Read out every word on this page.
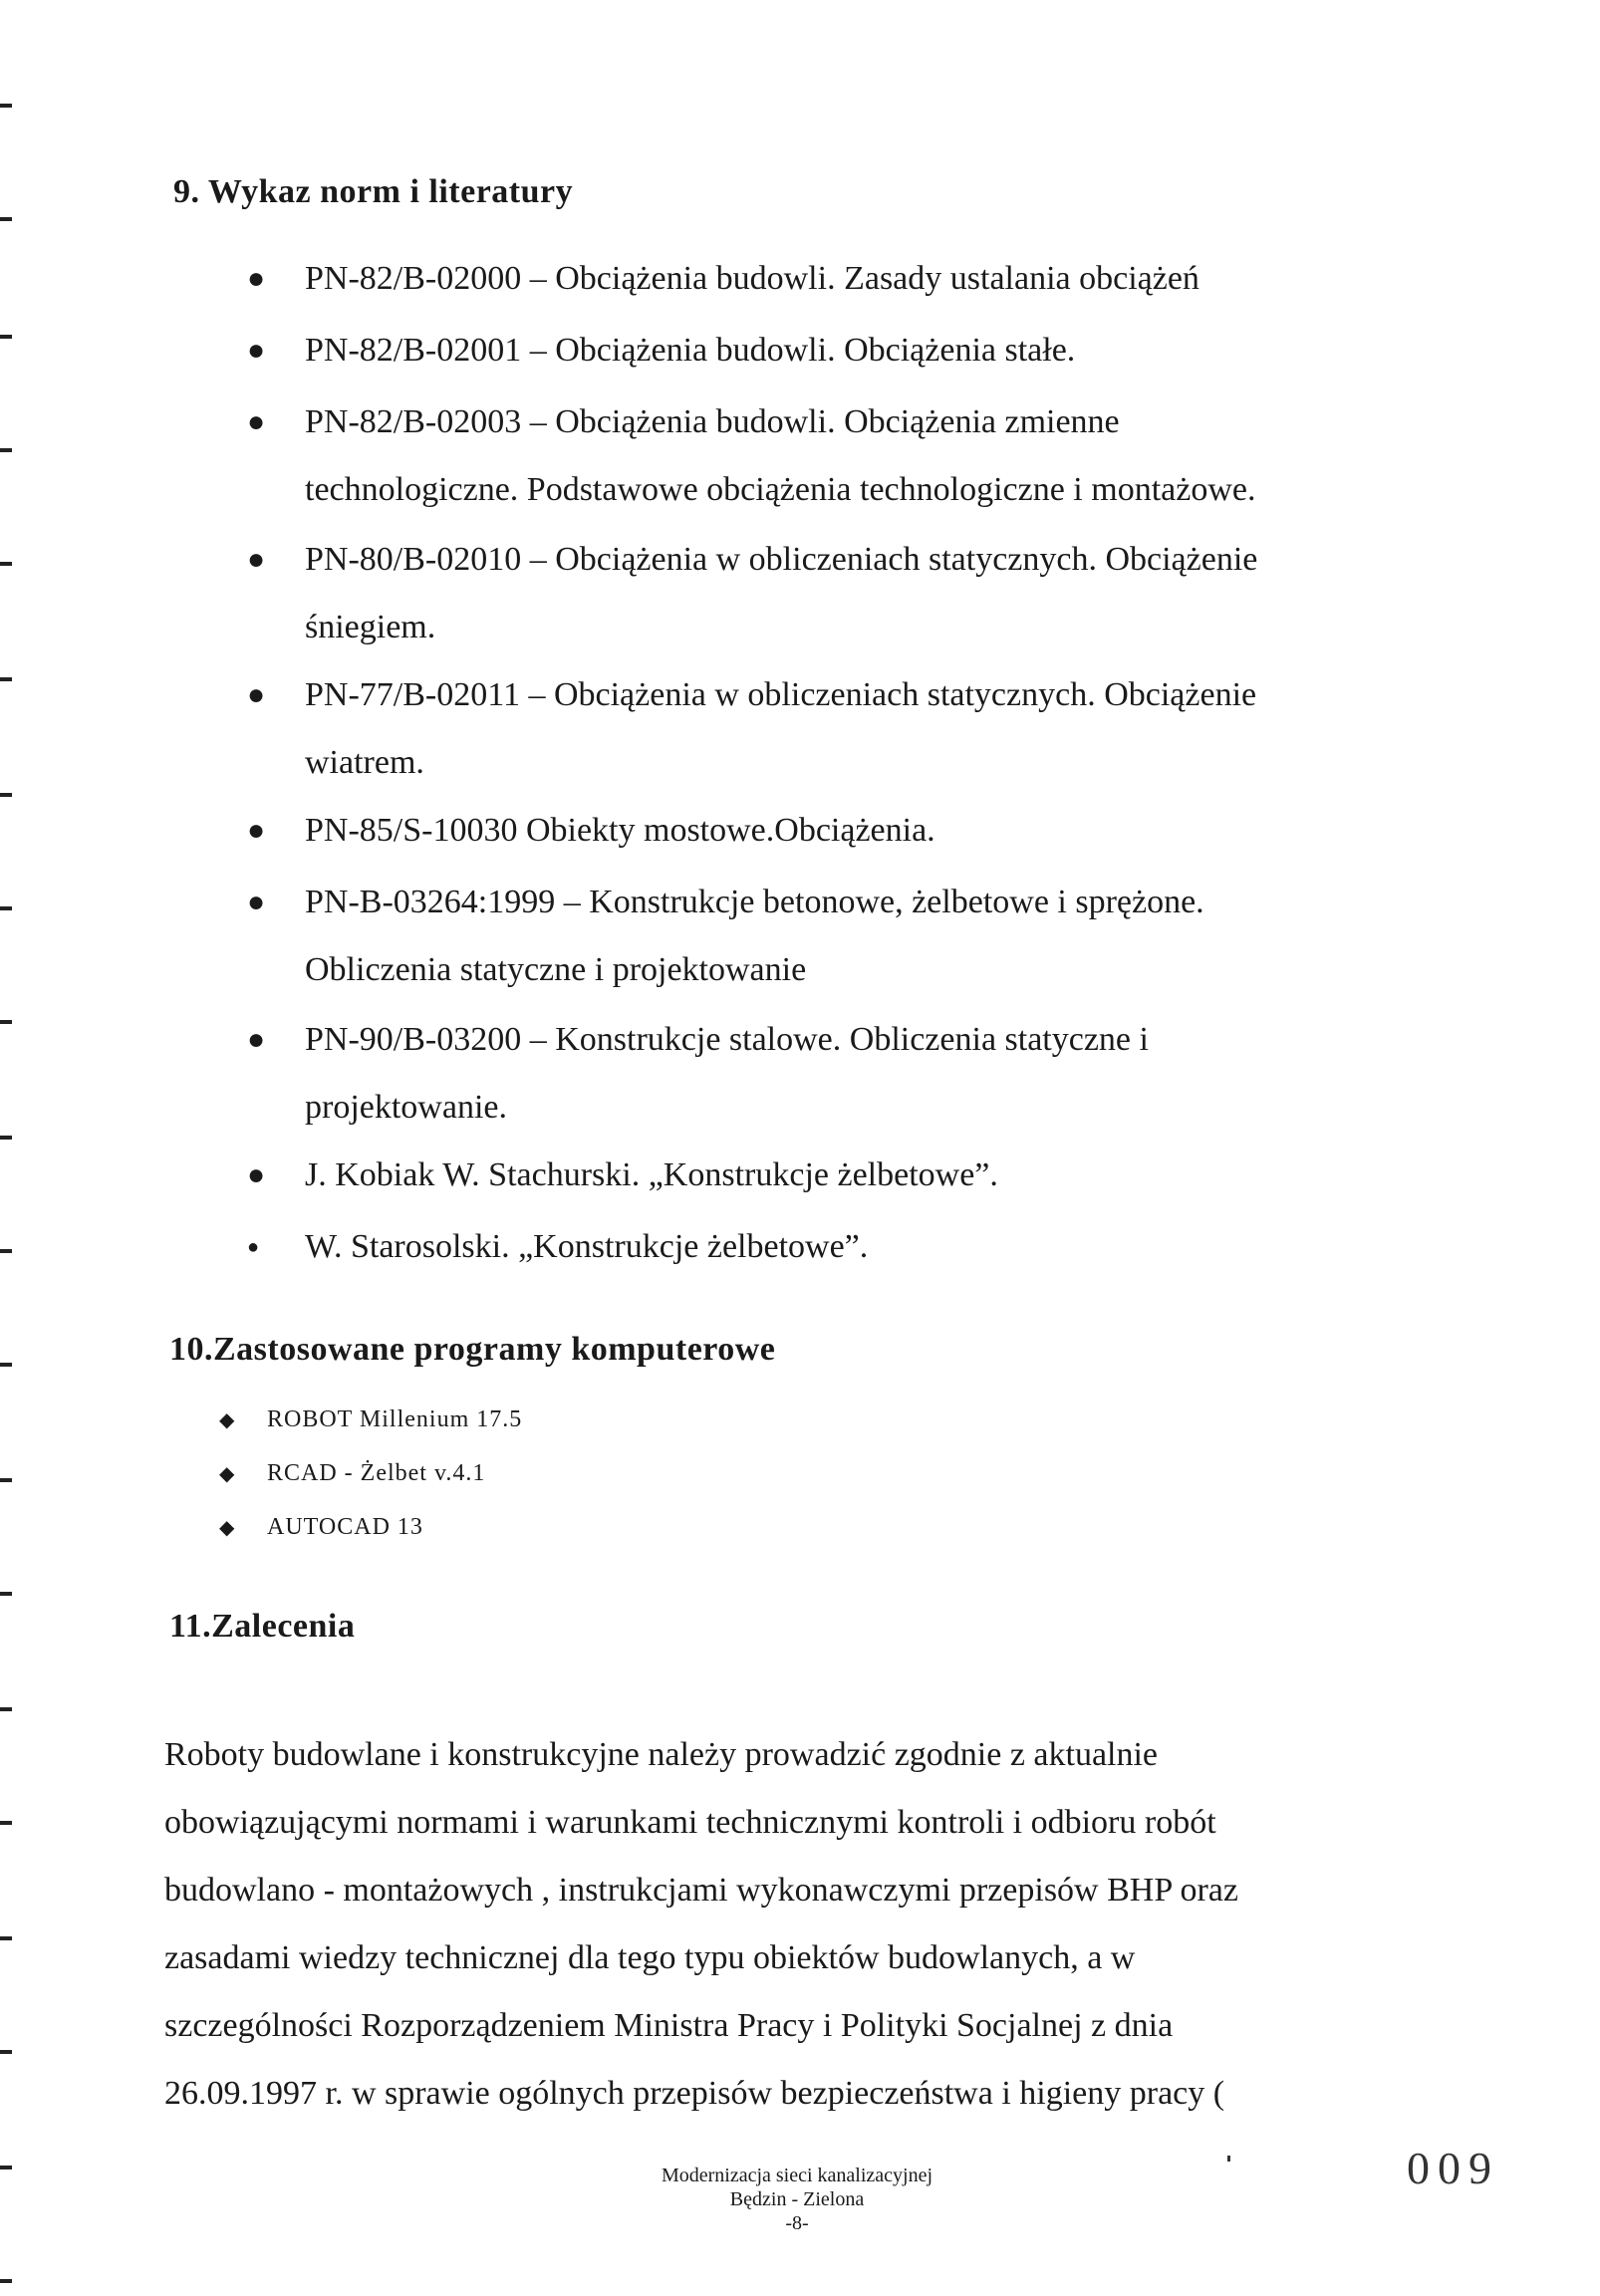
9. Wykaz norm i literatury
● PN-82/B-02000 – Obciążenia budowli. Zasady ustalania obciążeń
● PN-82/B-02001 – Obciążenia budowli. Obciążenia stałe.
● PN-82/B-02003 – Obciążenia budowli. Obciążenia zmienne
technologiczne. Podstawowe obciążenia technologiczne i montażowe.
● PN-80/B-02010 – Obciążenia w obliczeniach statycznych. Obciążenie
śniegiem.
● PN-77/B-02011 – Obciążenia w obliczeniach statycznych. Obciążenie
wiatrem.
● PN-85/S-10030 Obiekty mostowe.Obciążenia.
● PN-B-03264:1999 – Konstrukcje betonowe, żelbetowe i sprężone.
Obliczenia statyczne i projektowanie
● PN-90/B-03200 – Konstrukcje stalowe. Obliczenia statyczne i
projektowanie.
● J. Kobiak W. Stachurski. „Konstrukcje żelbetowe”.
● W. Starosolski. „Konstrukcje żelbetowe”.
10.Zastosowane programy komputerowe
◆ ROBOT Millenium 17.5
◆ RCAD - Żelbet v.4.1
◆ AUTOCAD 13
11.Zalecenia
Roboty budowlane i konstrukcyjne należy prowadzić zgodnie z aktualnie
obowiązującymi normami i warunkami technicznymi kontroli i odbioru robót
budowlano - montażowych , instrukcjami wykonawczymi przepisów BHP oraz
zasadami wiedzy technicznej dla tego typu obiektów budowlanych, a w
szczególności Rozporządzeniem Ministra Pracy i Polityki Socjalnej z dnia
26.09.1997 r. w sprawie ogólnych przepisów bezpieczeństwa i higieny pracy (
Modernizacja sieci kanalizacyjnej
Będzin - Zielona
-8-
009
